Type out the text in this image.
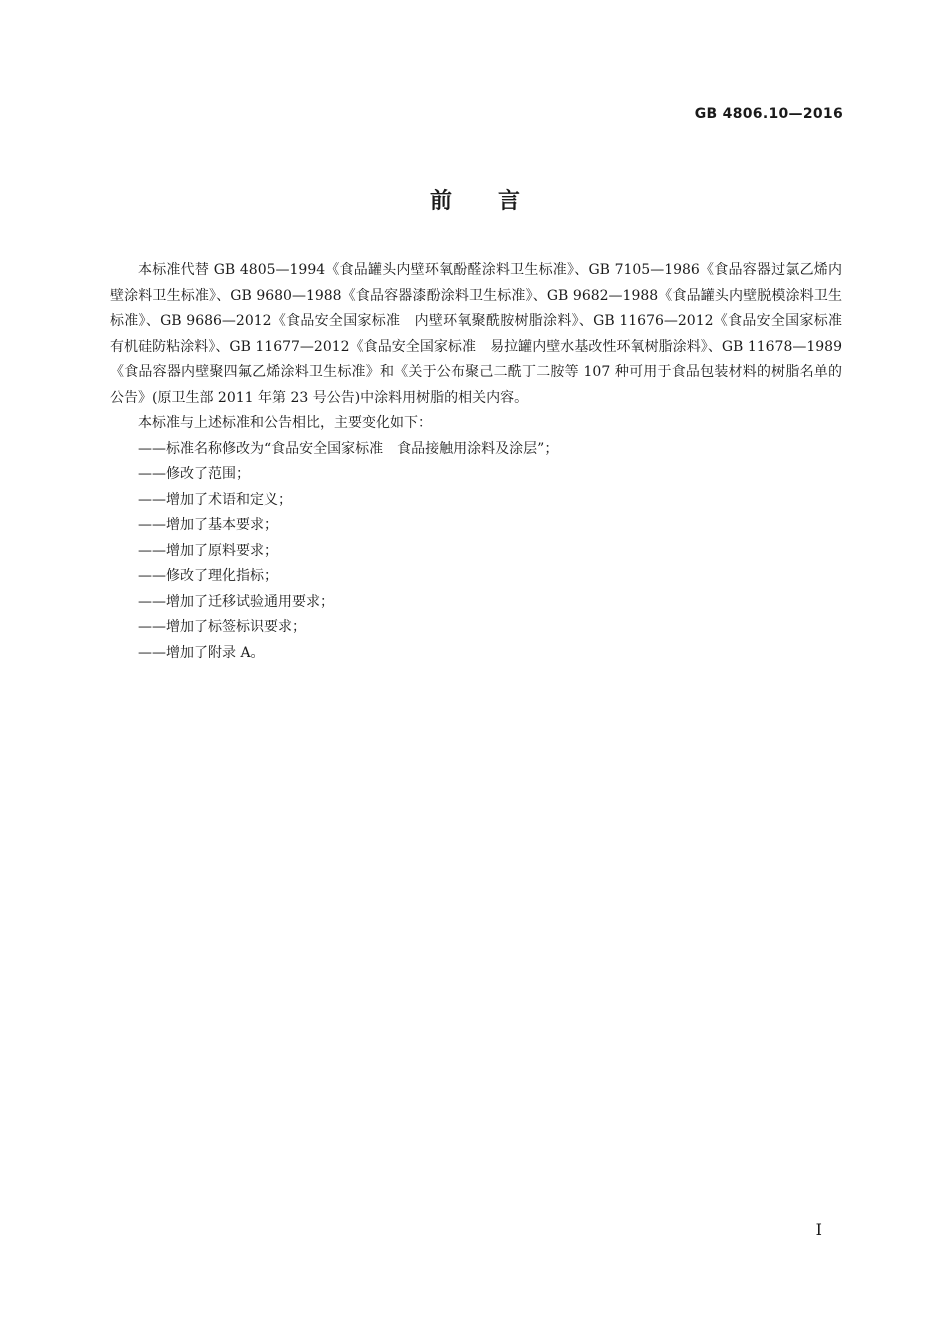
GB 4806.10—2016
前言

本标准代替 GB 4805—1994《食品罐头内壁环氧酚醛涂料卫生标准》、GB 7105—1986《食品容器过氯乙烯内壁涂料卫生标准》、GB 9680—1988《食品容器漆酚涂料卫生标准》、GB 9682—1988《食品罐头内壁脱模涂料卫生标准》、GB 9686—2012《食品安全国家标准　内壁环氧聚酰胺树脂涂料》、GB 11676—2012《食品安全国家标准　有机硅防粘涂料》、GB 11677—2012《食品安全国家标准　易拉罐内壁水基改性环氧树脂涂料》、GB 11678—1989《食品容器内壁聚四氟乙烯涂料卫生标准》和《关于公布聚己二酰丁二胺等 107 种可用于食品包装材料的树脂名单的公告》(原卫生部 2011 年第 23 号公告)中涂料用树脂的相关内容。

本标准与上述标准和公告相比，主要变化如下：

——标准名称修改为“食品安全国家标准　食品接触用涂料及涂层”；
——修改了范围；
——增加了术语和定义；
——增加了基本要求；
——增加了原料要求；
——修改了理化指标；
——增加了迁移试验通用要求；
——增加了标签标识要求；
——增加了附录 A。
I
